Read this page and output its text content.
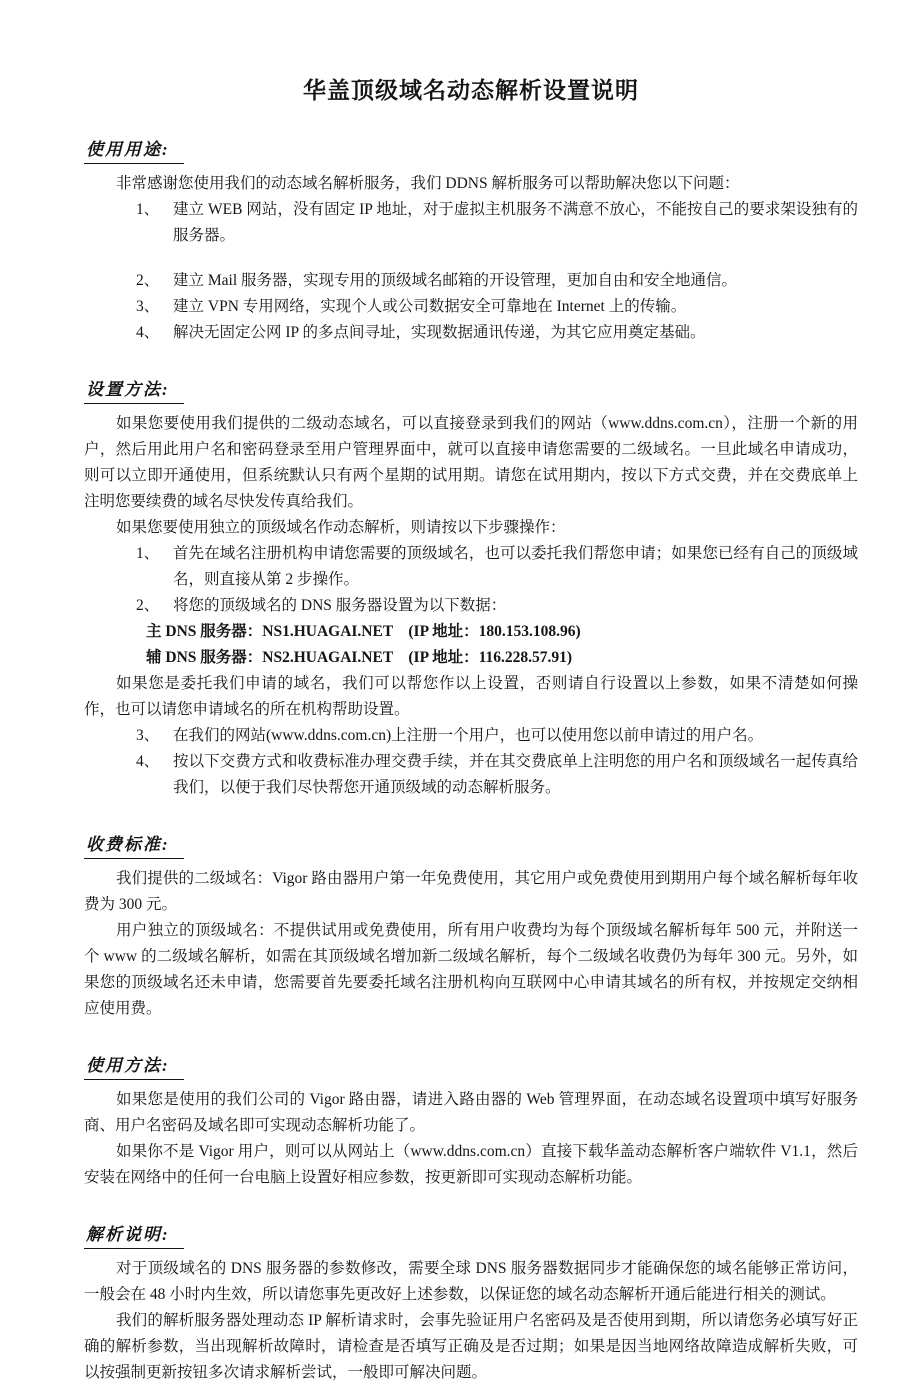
华盖顶级域名动态解析设置说明
使用用途:

非常感谢您使用我们的动态域名解析服务，我们 DDNS 解析服务可以帮助解决您以下问题：

1、 建立 WEB 网站，没有固定 IP 地址，对于虚拟主机服务不满意不放心，不能按自己的要求架设独有的服务器。
2、 建立 Mail 服务器，实现专用的顶级域名邮箱的开设管理，更加自由和安全地通信。
3、 建立 VPN 专用网络，实现个人或公司数据安全可靠地在 Internet 上的传输。
4、 解决无固定公网 IP 的多点间寻址，实现数据通讯传递，为其它应用奠定基础。
设置方法:

如果您要使用我们提供的二级动态域名，可以直接登录到我们的网站（www.ddns.com.cn），注册一个新的用户，然后用此用户名和密码登录至用户管理界面中，就可以直接申请您需要的二级域名。一旦此域名申请成功，则可以立即开通使用，但系统默认只有两个星期的试用期。请您在试用期内，按以下方式交费，并在交费底单上注明您要续费的域名尽快发传真给我们。

如果您要使用独立的顶级域名作动态解析，则请按以下步骤操作：

1、 首先在域名注册机构申请您需要的顶级域名，也可以委托我们帮您申请；如果您已经有自己的顶级域名，则直接从第 2 步操作。
2、 将您的顶级域名的 DNS 服务器设置为以下数据：

主 DNS 服务器：NS1.HUAGAI.NET    (IP 地址：180.153.108.96)

辅 DNS 服务器：NS2.HUAGAI.NET    (IP 地址：116.228.57.91)

如果您是委托我们申请的域名，我们可以帮您作以上设置，否则请自行设置以上参数，如果不清楚如何操作，也可以请您申请域名的所在机构帮助设置。

3、 在我们的网站(www.ddns.com.cn)上注册一个用户，也可以使用您以前申请过的用户名。
4、 按以下交费方式和收费标准办理交费手续，并在其交费底单上注明您的用户名和顶级域名一起传真给我们，以便于我们尽快帮您开通顶级域的动态解析服务。
收费标准:

我们提供的二级域名：Vigor 路由器用户第一年免费使用，其它用户或免费使用到期用户每个域名解析每年收费为 300 元。

用户独立的顶级域名：不提供试用或免费使用，所有用户收费均为每个顶级域名解析每年 500 元，并附送一个 www 的二级域名解析，如需在其顶级域名增加新二级域名解析，每个二级域名收费仍为每年 300 元。另外，如果您的顶级域名还未申请，您需要首先要委托域名注册机构向互联网中心申请其域名的所有权，并按规定交纳相应使用费。

使用方法:

如果您是使用的我们公司的 Vigor 路由器，请进入路由器的 Web 管理界面，在动态域名设置项中填写好服务商、用户名密码及域名即可实现动态解析功能了。

如果你不是 Vigor 用户，则可以从网站上（www.ddns.com.cn）直接下载华盖动态解析客户端软件 V1.1，然后安装在网络中的任何一台电脑上设置好相应参数，按更新即可实现动态解析功能。

解析说明:

对于顶级域名的 DNS 服务器的参数修改，需要全球 DNS 服务器数据同步才能确保您的域名能够正常访问，一般会在 48 小时内生效，所以请您事先更改好上述参数，以保证您的域名动态解析开通后能进行相关的测试。

我们的解析服务器处理动态 IP 解析请求时，会事先验证用户名密码及是否使用到期，所以请您务必填写好正确的解析参数，当出现解析故障时，请检查是否填写正确及是否过期；如果是因当地网络故障造成解析失败，可以按强制更新按钮多次请求解析尝试，一般即可解决问题。
